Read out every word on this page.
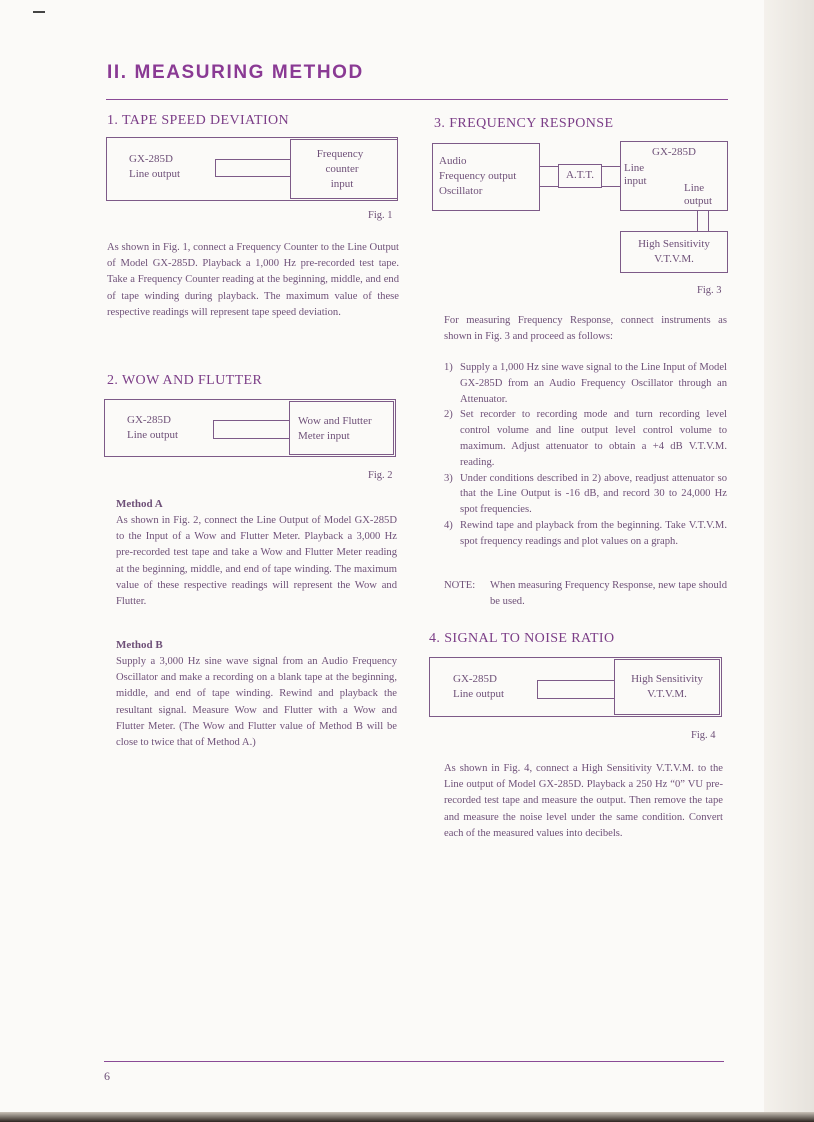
II. MEASURING METHOD
1. TAPE SPEED DEVIATION
GX-285D
Line output
Frequency
counter
input
Fig. 1
As shown in Fig. 1, connect a Frequency Counter to the Line Output of Model GX-285D. Playback a 1,000 Hz pre-recorded test tape. Take a Frequency Counter reading at the beginning, middle, and end of tape winding during playback. The maximum value of these respective readings will represent tape speed deviation.
2. WOW AND FLUTTER
GX-285D
Line output
Wow and Flutter
Meter input
Fig. 2
Method A
As shown in Fig. 2, connect the Line Output of Model GX-285D to the Input of a Wow and Flutter Meter. Playback a 3,000 Hz pre-recorded test tape and take a Wow and Flutter Meter reading at the beginning, middle, and end of tape winding. The maximum value of these respective readings will represent the Wow and Flutter.
Method B
Supply a 3,000 Hz sine wave signal from an Audio Frequency Oscillator and make a recording on a blank tape at the beginning, middle, and end of tape winding. Rewind and playback the resultant signal. Measure Wow and Flutter with a Wow and Flutter Meter. (The Wow and Flutter value of Method B will be close to twice that of Method A.)
3. FREQUENCY RESPONSE
Audio
Frequency output
Oscillator
A.T.T.
GX-285D
Line
input
Line
output
High Sensitivity
V.T.V.M.
Fig. 3
For measuring Frequency Response, connect instruments as shown in Fig. 3 and proceed as follows:
1) Supply a 1,000 Hz sine wave signal to the Line Input of Model GX-285D from an Audio Frequency Oscillator through an Attenuator.
2) Set recorder to recording mode and turn recording level control volume and line output level control volume to maximum. Adjust attenuator to obtain a +4 dB V.T.V.M. reading.
3) Under conditions described in 2) above, readjust attenuator so that the Line Output is -16 dB, and record 30 to 24,000 Hz spot frequencies.
4) Rewind tape and playback from the beginning. Take V.T.V.M. spot frequency readings and plot values on a graph.
NOTE:	When measuring Frequency Response, new tape should be used.
4. SIGNAL TO NOISE RATIO
GX-285D
Line output
High Sensitivity
V.T.V.M.
Fig. 4
As shown in Fig. 4, connect a High Sensitivity V.T.V.M. to the Line output of Model GX-285D. Playback a 250 Hz “0” VU pre-recorded test tape and measure the output. Then remove the tape and measure the noise level under the same condition. Convert each of the measured values into decibels.
6
